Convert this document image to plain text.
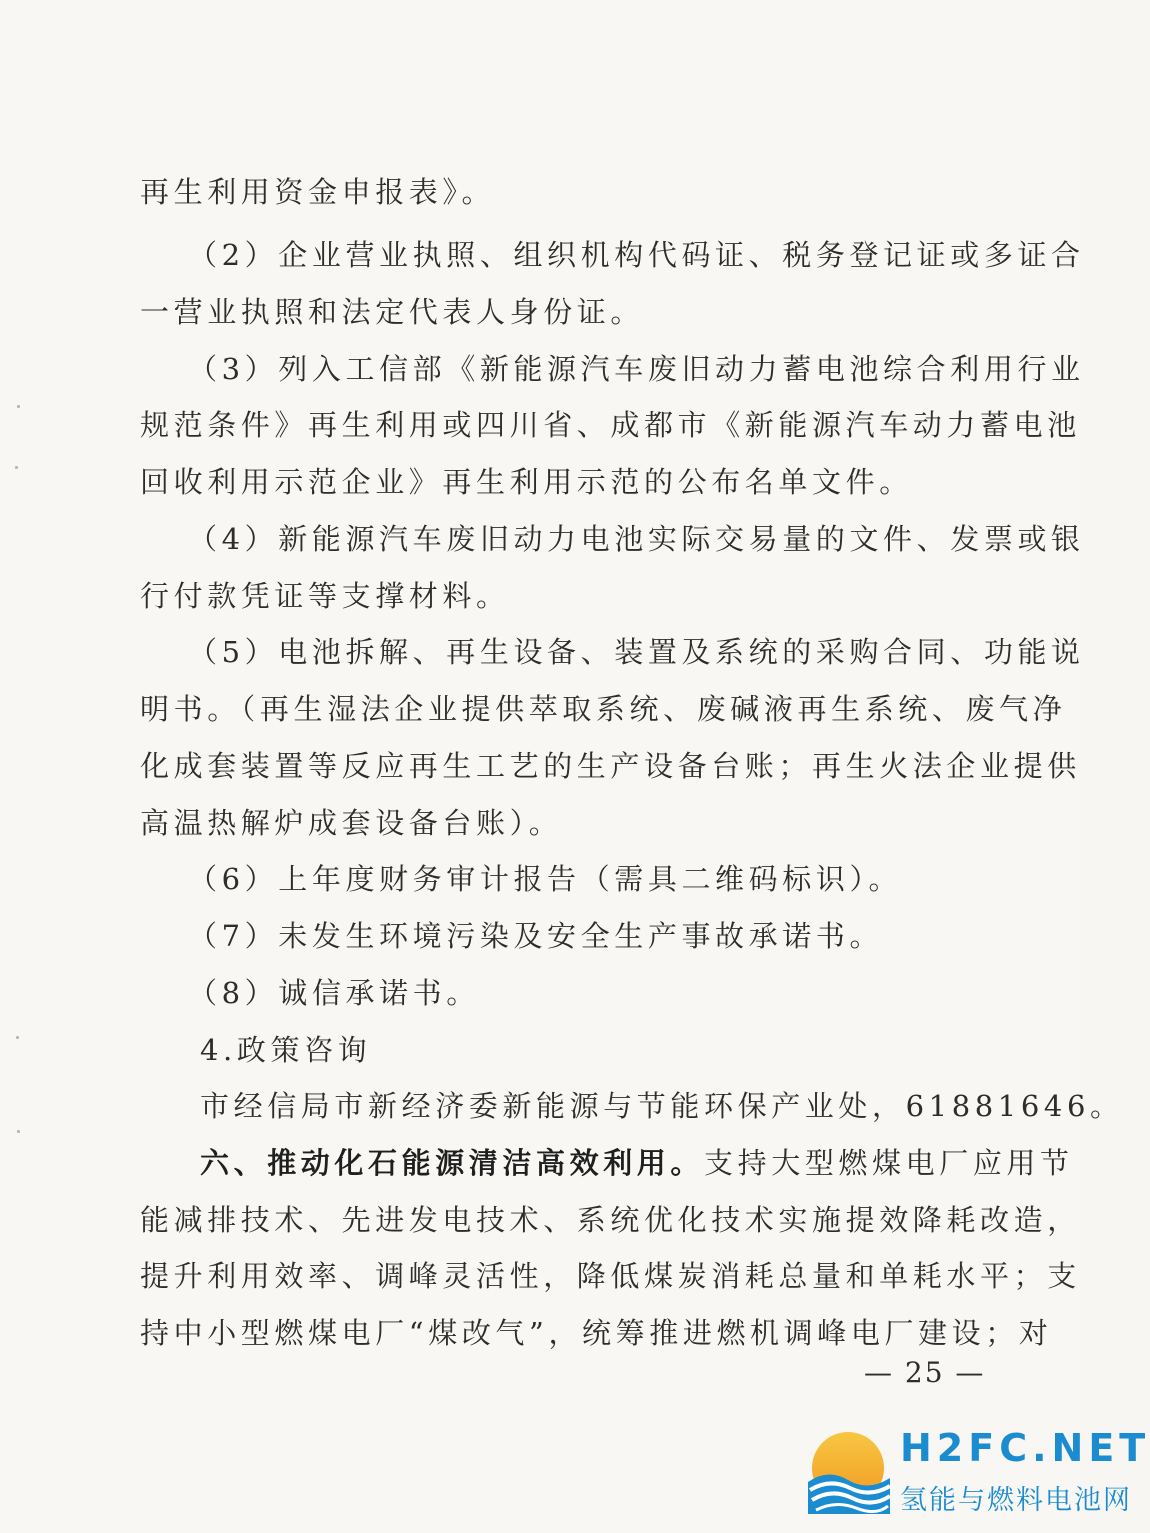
再生利用资金申报表》。
（2）企业营业执照、组织机构代码证、税务登记证或多证合
一营业执照和法定代表人身份证。
（3）列入工信部《新能源汽车废旧动力蓄电池综合利用行业
规范条件》再生利用或四川省、成都市《新能源汽车动力蓄电池
回收利用示范企业》再生利用示范的公布名单文件。
（4）新能源汽车废旧动力电池实际交易量的文件、发票或银
行付款凭证等支撑材料。
（5）电池拆解、再生设备、装置及系统的采购合同、功能说
明书。（再生湿法企业提供萃取系统、废碱液再生系统、废气净
化成套装置等反应再生工艺的生产设备台账；再生火法企业提供
高温热解炉成套设备台账）。
（6）上年度财务审计报告（需具二维码标识）。
（7）未发生环境污染及安全生产事故承诺书。
（8）诚信承诺书。
4.政策咨询
市经信局市新经济委新能源与节能环保产业处，61881646。
六、推动化石能源清洁高效利用。支持大型燃煤电厂应用节
能减排技术、先进发电技术、系统优化技术实施提效降耗改造，
提升利用效率、调峰灵活性，降低煤炭消耗总量和单耗水平；支
持中小型燃煤电厂“煤改气”，统筹推进燃机调峰电厂建设；对
— 25 —
H2FC.NET
氢能与燃料电池网
